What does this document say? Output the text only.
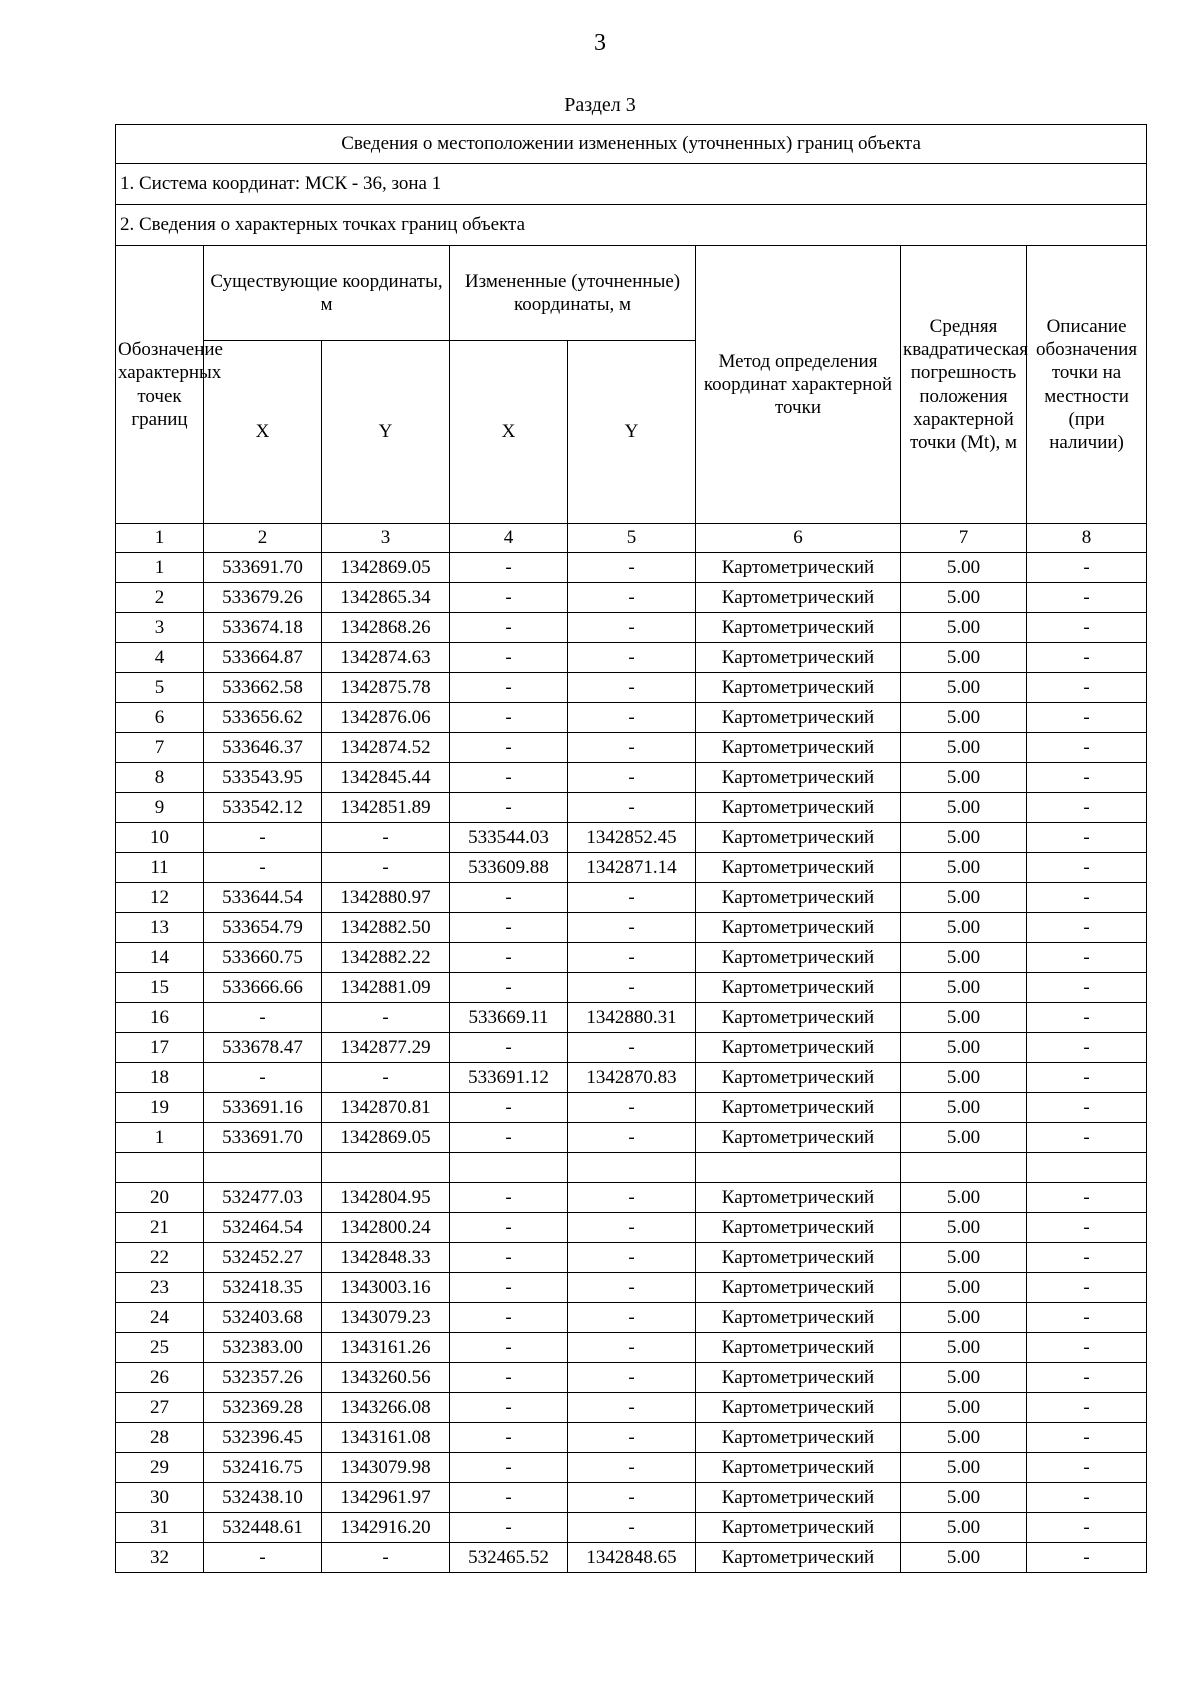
3
Раздел 3
Сведения о местоположении измененных (уточненных) границ объекта							
1. Система координат: МСК - 36, зона 1							
2. Сведения о характерных точках границ объекта							
Обозначение характерных точек границ	Существующие координаты, м		Измененные (уточненные) координаты, м		Метод определения координат характерной точки	Средняя квадратическая погрешность положения характерной точки (Mt), м	Описание обозначения точки на местности (при наличии)
	X	Y	X	Y			
1	2	3	4	5	6	7	8
1	533691.70	1342869.05	-	-	Картометрический	5.00	-
2	533679.26	1342865.34	-	-	Картометрический	5.00	-
3	533674.18	1342868.26	-	-	Картометрический	5.00	-
4	533664.87	1342874.63	-	-	Картометрический	5.00	-
5	533662.58	1342875.78	-	-	Картометрический	5.00	-
6	533656.62	1342876.06	-	-	Картометрический	5.00	-
7	533646.37	1342874.52	-	-	Картометрический	5.00	-
8	533543.95	1342845.44	-	-	Картометрический	5.00	-
9	533542.12	1342851.89	-	-	Картометрический	5.00	-
10	-	-	533544.03	1342852.45	Картометрический	5.00	-
11	-	-	533609.88	1342871.14	Картометрический	5.00	-
12	533644.54	1342880.97	-	-	Картометрический	5.00	-
13	533654.79	1342882.50	-	-	Картометрический	5.00	-
14	533660.75	1342882.22	-	-	Картометрический	5.00	-
15	533666.66	1342881.09	-	-	Картометрический	5.00	-
16	-	-	533669.11	1342880.31	Картометрический	5.00	-
17	533678.47	1342877.29	-	-	Картометрический	5.00	-
18	-	-	533691.12	1342870.83	Картометрический	5.00	-
19	533691.16	1342870.81	-	-	Картометрический	5.00	-
1	533691.70	1342869.05	-	-	Картометрический	5.00	-

20	532477.03	1342804.95	-	-	Картометрический	5.00	-
21	532464.54	1342800.24	-	-	Картометрический	5.00	-
22	532452.27	1342848.33	-	-	Картометрический	5.00	-
23	532418.35	1343003.16	-	-	Картометрический	5.00	-
24	532403.68	1343079.23	-	-	Картометрический	5.00	-
25	532383.00	1343161.26	-	-	Картометрический	5.00	-
26	532357.26	1343260.56	-	-	Картометрический	5.00	-
27	532369.28	1343266.08	-	-	Картометрический	5.00	-
28	532396.45	1343161.08	-	-	Картометрический	5.00	-
29	532416.75	1343079.98	-	-	Картометрический	5.00	-
30	532438.10	1342961.97	-	-	Картометрический	5.00	-
31	532448.61	1342916.20	-	-	Картометрический	5.00	-
32	-	-	532465.52	1342848.65	Картометрический	5.00	-
